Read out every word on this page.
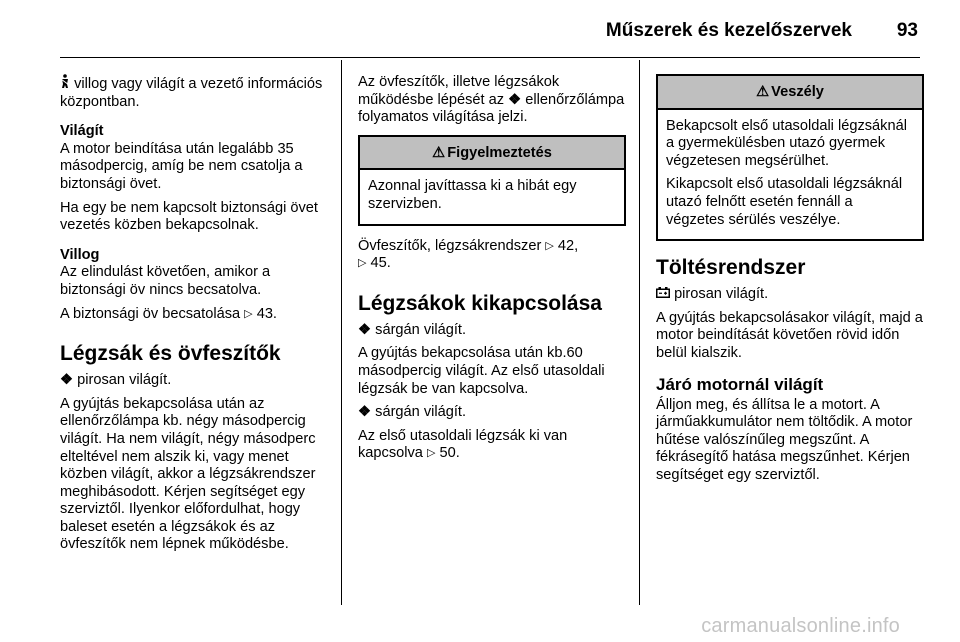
Műszerek és kezelőszervek 93

villog vagy világít a vezető információs központban.

Világít

A motor beindítása után legalább 35 másodpercig, amíg be nem csatolja a biztonsági övet.

Ha egy be nem kapcsolt biztonsági övet vezetés közben bekapcsolnak.

Villog

Az elindulást követően, amikor a biztonsági öv nincs becsatolva.

A biztonsági öv becsatolása ▷ 43.

Légzsák és övfeszítők

❖ pirosan világít.

A gyújtás bekapcsolása után az ellenőrzőlámpa kb. négy másodpercig világít. Ha nem világít, négy másodperc elteltével nem alszik ki, vagy menet közben világít, akkor a légzsákrendszer meghibásodott. Kérjen segítséget egy szerviztől. Ilyenkor előfordulhat, hogy baleset esetén a légzsákok és az övfeszítők nem lépnek működésbe.

Az övfeszítők, illetve légzsákok működésbe lépését az ❖ ellenőrzőlámpa folyamatos világítása jelzi.

⚠ Figyelmeztetés

Azonnal javíttassa ki a hibát egy szervizben.

Övfeszítők, légzsákrendszer ▷ 42,
▷ 45.

Légzsákok kikapcsolása

❖ sárgán világít.

A gyújtás bekapcsolása után kb.60 másodpercig világít. Az első utasoldali légzsák be van kapcsolva.

❖ sárgán világít.

Az első utasoldali légzsák ki van kapcsolva ▷ 50.

⚠ Veszély

Bekapcsolt első utasoldali légzsáknál a gyermekülésben utazó gyermek végzetesen megsérülhet.

Kikapcsolt első utasoldali légzsáknál utazó felnőtt esetén fennáll a végzetes sérülés veszélye.

Töltésrendszer

pirosan világít.

A gyújtás bekapcsolásakor világít, majd a motor beindítását követően rövid időn belül kialszik.

Járó motornál világít

Álljon meg, és állítsa le a motort. A járműakkumulátor nem töltődik. A motor hűtése valószínűleg megszűnt. A fékrásegítő hatása megszűnhet. Kérjen segítséget egy szerviztől.

carmanualsonline.info
